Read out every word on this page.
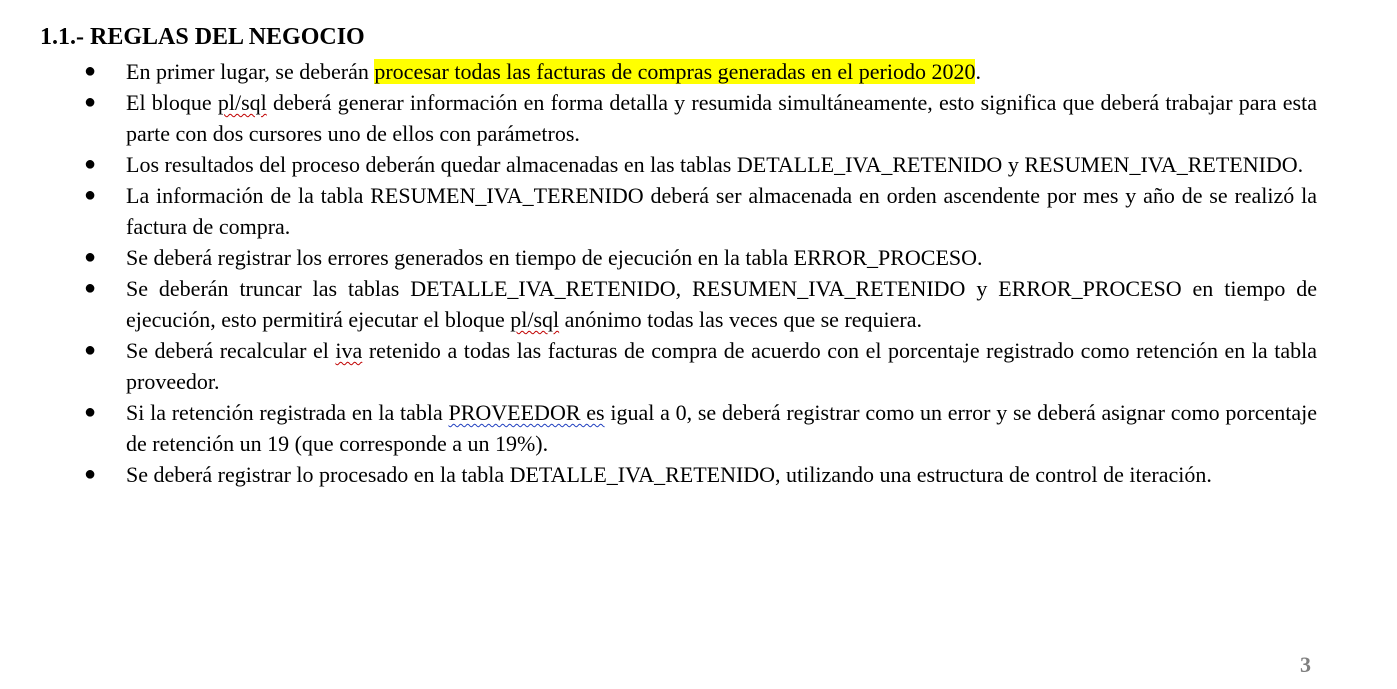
1.1.- REGLAS DEL NEGOCIO
●	En primer lugar, se deberán procesar todas las facturas de compras generadas en el periodo 2020.
●	El bloque pl/sql deberá generar información en forma detalla y resumida simultáneamente, esto significa que deberá trabajar para esta parte con dos cursores uno de ellos con parámetros.
●	Los resultados del proceso deberán quedar almacenadas en las tablas DETALLE_IVA_RETENIDO y RESUMEN_IVA_RETENIDO.
●	La información de la tabla RESUMEN_IVA_TERENIDO deberá ser almacenada en orden ascendente por mes y año de se realizó la factura de compra.
●	Se deberá registrar los errores generados en tiempo de ejecución en la tabla ERROR_PROCESO.
●	Se deberán truncar las tablas DETALLE_IVA_RETENIDO, RESUMEN_IVA_RETENIDO y ERROR_PROCESO en tiempo de ejecución, esto permitirá ejecutar el bloque pl/sql anónimo todas las veces que se requiera.
●	Se deberá recalcular el iva retenido a todas las facturas de compra de acuerdo con el porcentaje registrado como retención en la tabla proveedor.
●	Si la retención registrada en la tabla PROVEEDOR es igual a 0, se deberá registrar como un error y se deberá asignar como porcentaje de retención un 19 (que corresponde a un 19%).
●	Se deberá registrar lo procesado en la tabla DETALLE_IVA_RETENIDO, utilizando una estructura de control de iteración.
3
